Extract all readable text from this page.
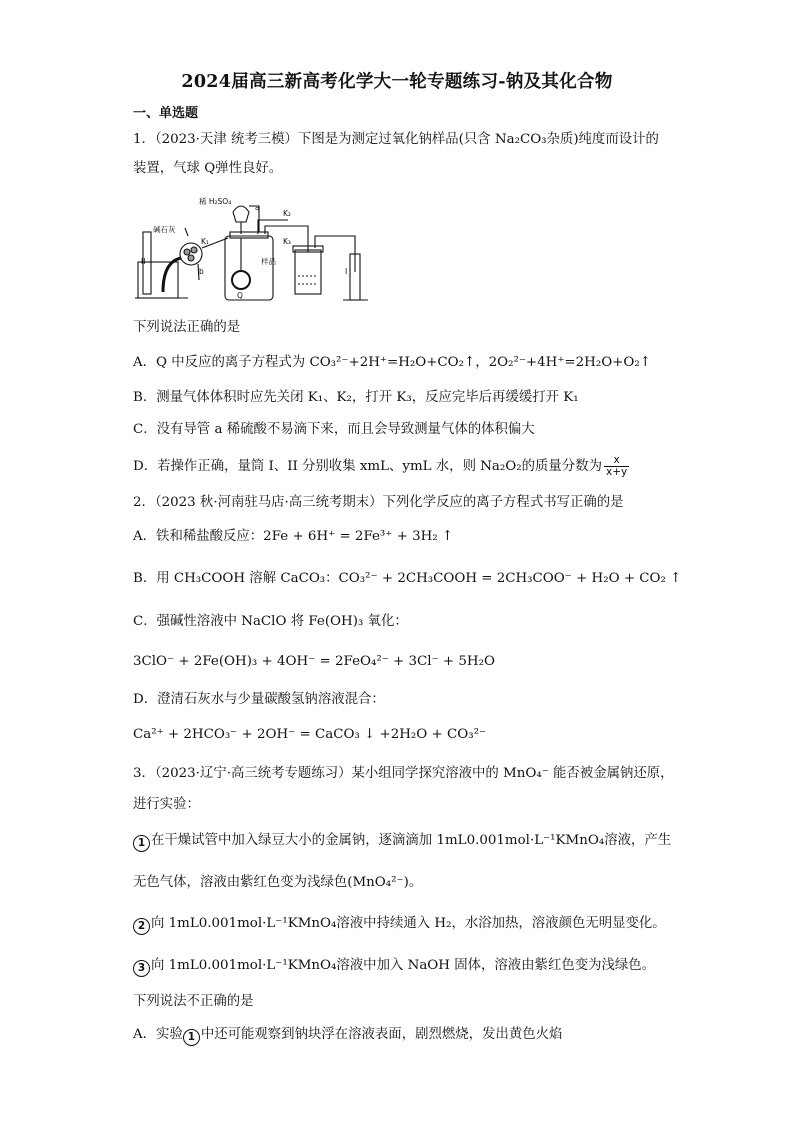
2024届高三新高考化学大一轮专题练习-钠及其化合物
一、单选题
1．（2023·天津 统考三模）下图是为测定过氧化钠样品(只含 Na₂CO₃杂质)纯度而设计的
装置，气球 Q弹性良好。
稀 H₂SO₄
a
K₂
碱石灰
K₁	K₃
II
b
样品
Q
I
下列说法正确的是
A．Q 中反应的离子方程式为 CO₃²⁻+2H⁺=H₂O+CO₂↑，2O₂²⁻+4H⁺=2H₂O+O₂↑
B．测量气体体积时应先关闭 K₁、K₂，打开 K₃，反应完毕后再缓缓打开 K₁
C．没有导管 a 稀硫酸不易滴下来，而且会导致测量气体的体积偏大
D．若操作正确，量筒 I、II 分别收集 xmL、ymL 水，则 Na₂O₂的质量分数为 $\frac{x}{x+y}$
2．（2023 秋·河南驻马店·高三统考期末）下列化学反应的离子方程式书写正确的是
A．铁和稀盐酸反应：2Fe + 6H⁺ = 2Fe³⁺ + 3H₂ ↑
B．用 CH₃COOH 溶解 CaCO₃：CO₃²⁻ + 2CH₃COOH = 2CH₃COO⁻ + H₂O + CO₂ ↑
C．强碱性溶液中 NaClO 将 Fe(OH)₃ 氧化：
3ClO⁻ + 2Fe(OH)₃ + 4OH⁻ = 2FeO₄²⁻ + 3Cl⁻ + 5H₂O
D．澄清石灰水与少量碳酸氢钠溶液混合：
Ca²⁺ + 2HCO₃⁻ + 2OH⁻ = CaCO₃ ↓ +2H₂O + CO₃²⁻
3．（2023·辽宁·高三统考专题练习）某小组同学探究溶液中的 MnO₄⁻ 能否被金属钠还原，
进行实验：
1 在干燥试管中加入绿豆大小的金属钠，逐滴滴加 1mL0.001mol·L⁻¹KMnO₄溶液，产生
无色气体，溶液由紫红色变为浅绿色(MnO₄²⁻)。
2 向 1mL0.001mol·L⁻¹KMnO₄溶液中持续通入 H₂，水浴加热，溶液颜色无明显变化。
3 向 1mL0.001mol·L⁻¹KMnO₄溶液中加入 NaOH 固体，溶液由紫红色变为浅绿色。
下列说法不正确的是
A．实验 1 中还可能观察到钠块浮在溶液表面，剧烈燃烧，发出黄色火焰
